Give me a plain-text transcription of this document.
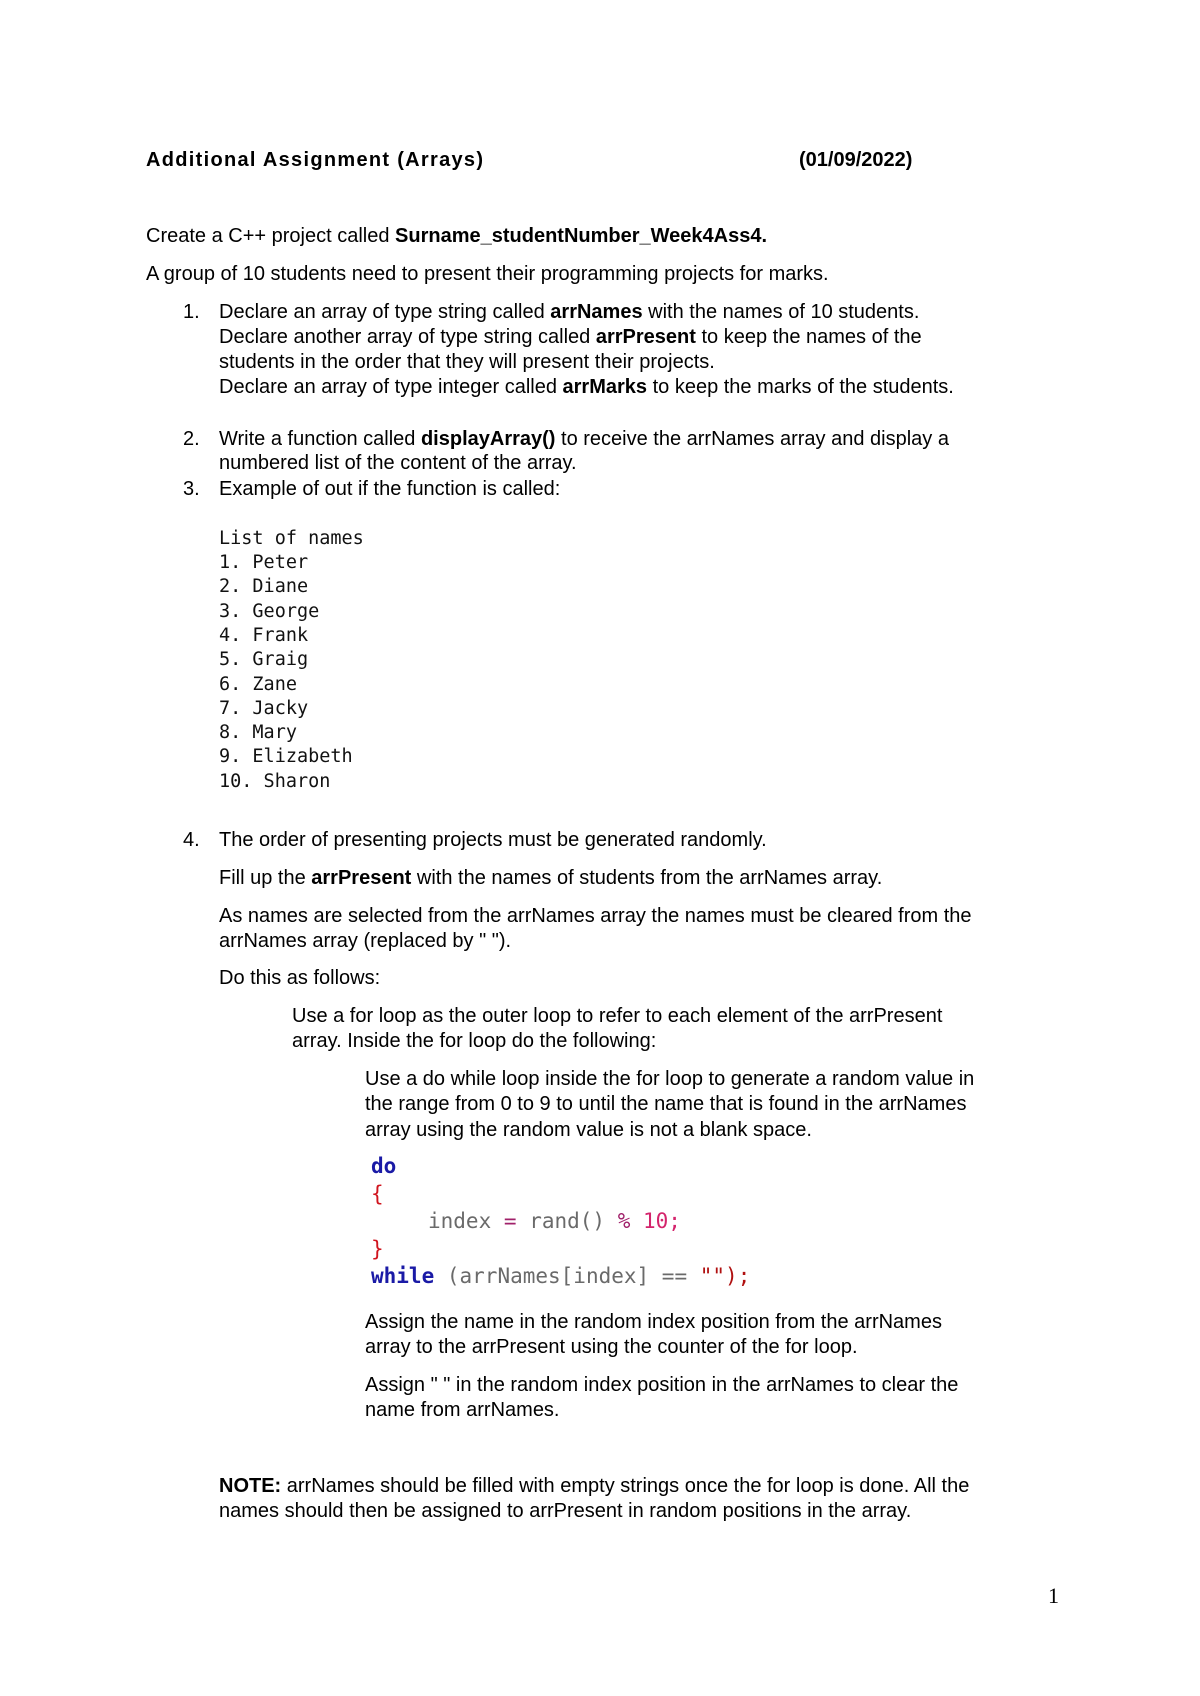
Additional Assignment (Arrays)	(01/09/2022)
Create a C++ project called Surname_studentNumber_Week4Ass4.
A group of 10 students need to present their programming projects for marks.
1. Declare an array of type string called arrNames with the names of 10 students.
Declare another array of type string called arrPresent to keep the names of the
students in the order that they will present their projects.
Declare an array of type integer called arrMarks to keep the marks of the students.
2. Write a function called displayArray() to receive the arrNames array and display a
numbered list of the content of the array.
3. Example of out if the function is called:
List of names
1. Peter
2. Diane
3. George
4. Frank
5. Graig
6. Zane
7. Jacky
8. Mary
9. Elizabeth
10. Sharon
4. The order of presenting projects must be generated randomly.
Fill up the arrPresent with the names of students from the arrNames array.
As names are selected from the arrNames array the names must be cleared from the
arrNames array (replaced by " ").
Do this as follows:
Use a for loop as the outer loop to refer to each element of the arrPresent
array. Inside the for loop do the following:
Use a do while loop inside the for loop to generate a random value in
the range from 0 to 9 to until the name that is found in the arrNames
array using the random value is not a blank space.
do
{
index = rand() % 10;
}
while (arrNames[index] == "");
Assign the name in the random index position from the arrNames
array to the arrPresent using the counter of the for loop.
Assign " " in the random index position in the arrNames to clear the
name from arrNames.
NOTE: arrNames should be filled with empty strings once the for loop is done. All the
names should then be assigned to arrPresent in random positions in the array.
1
